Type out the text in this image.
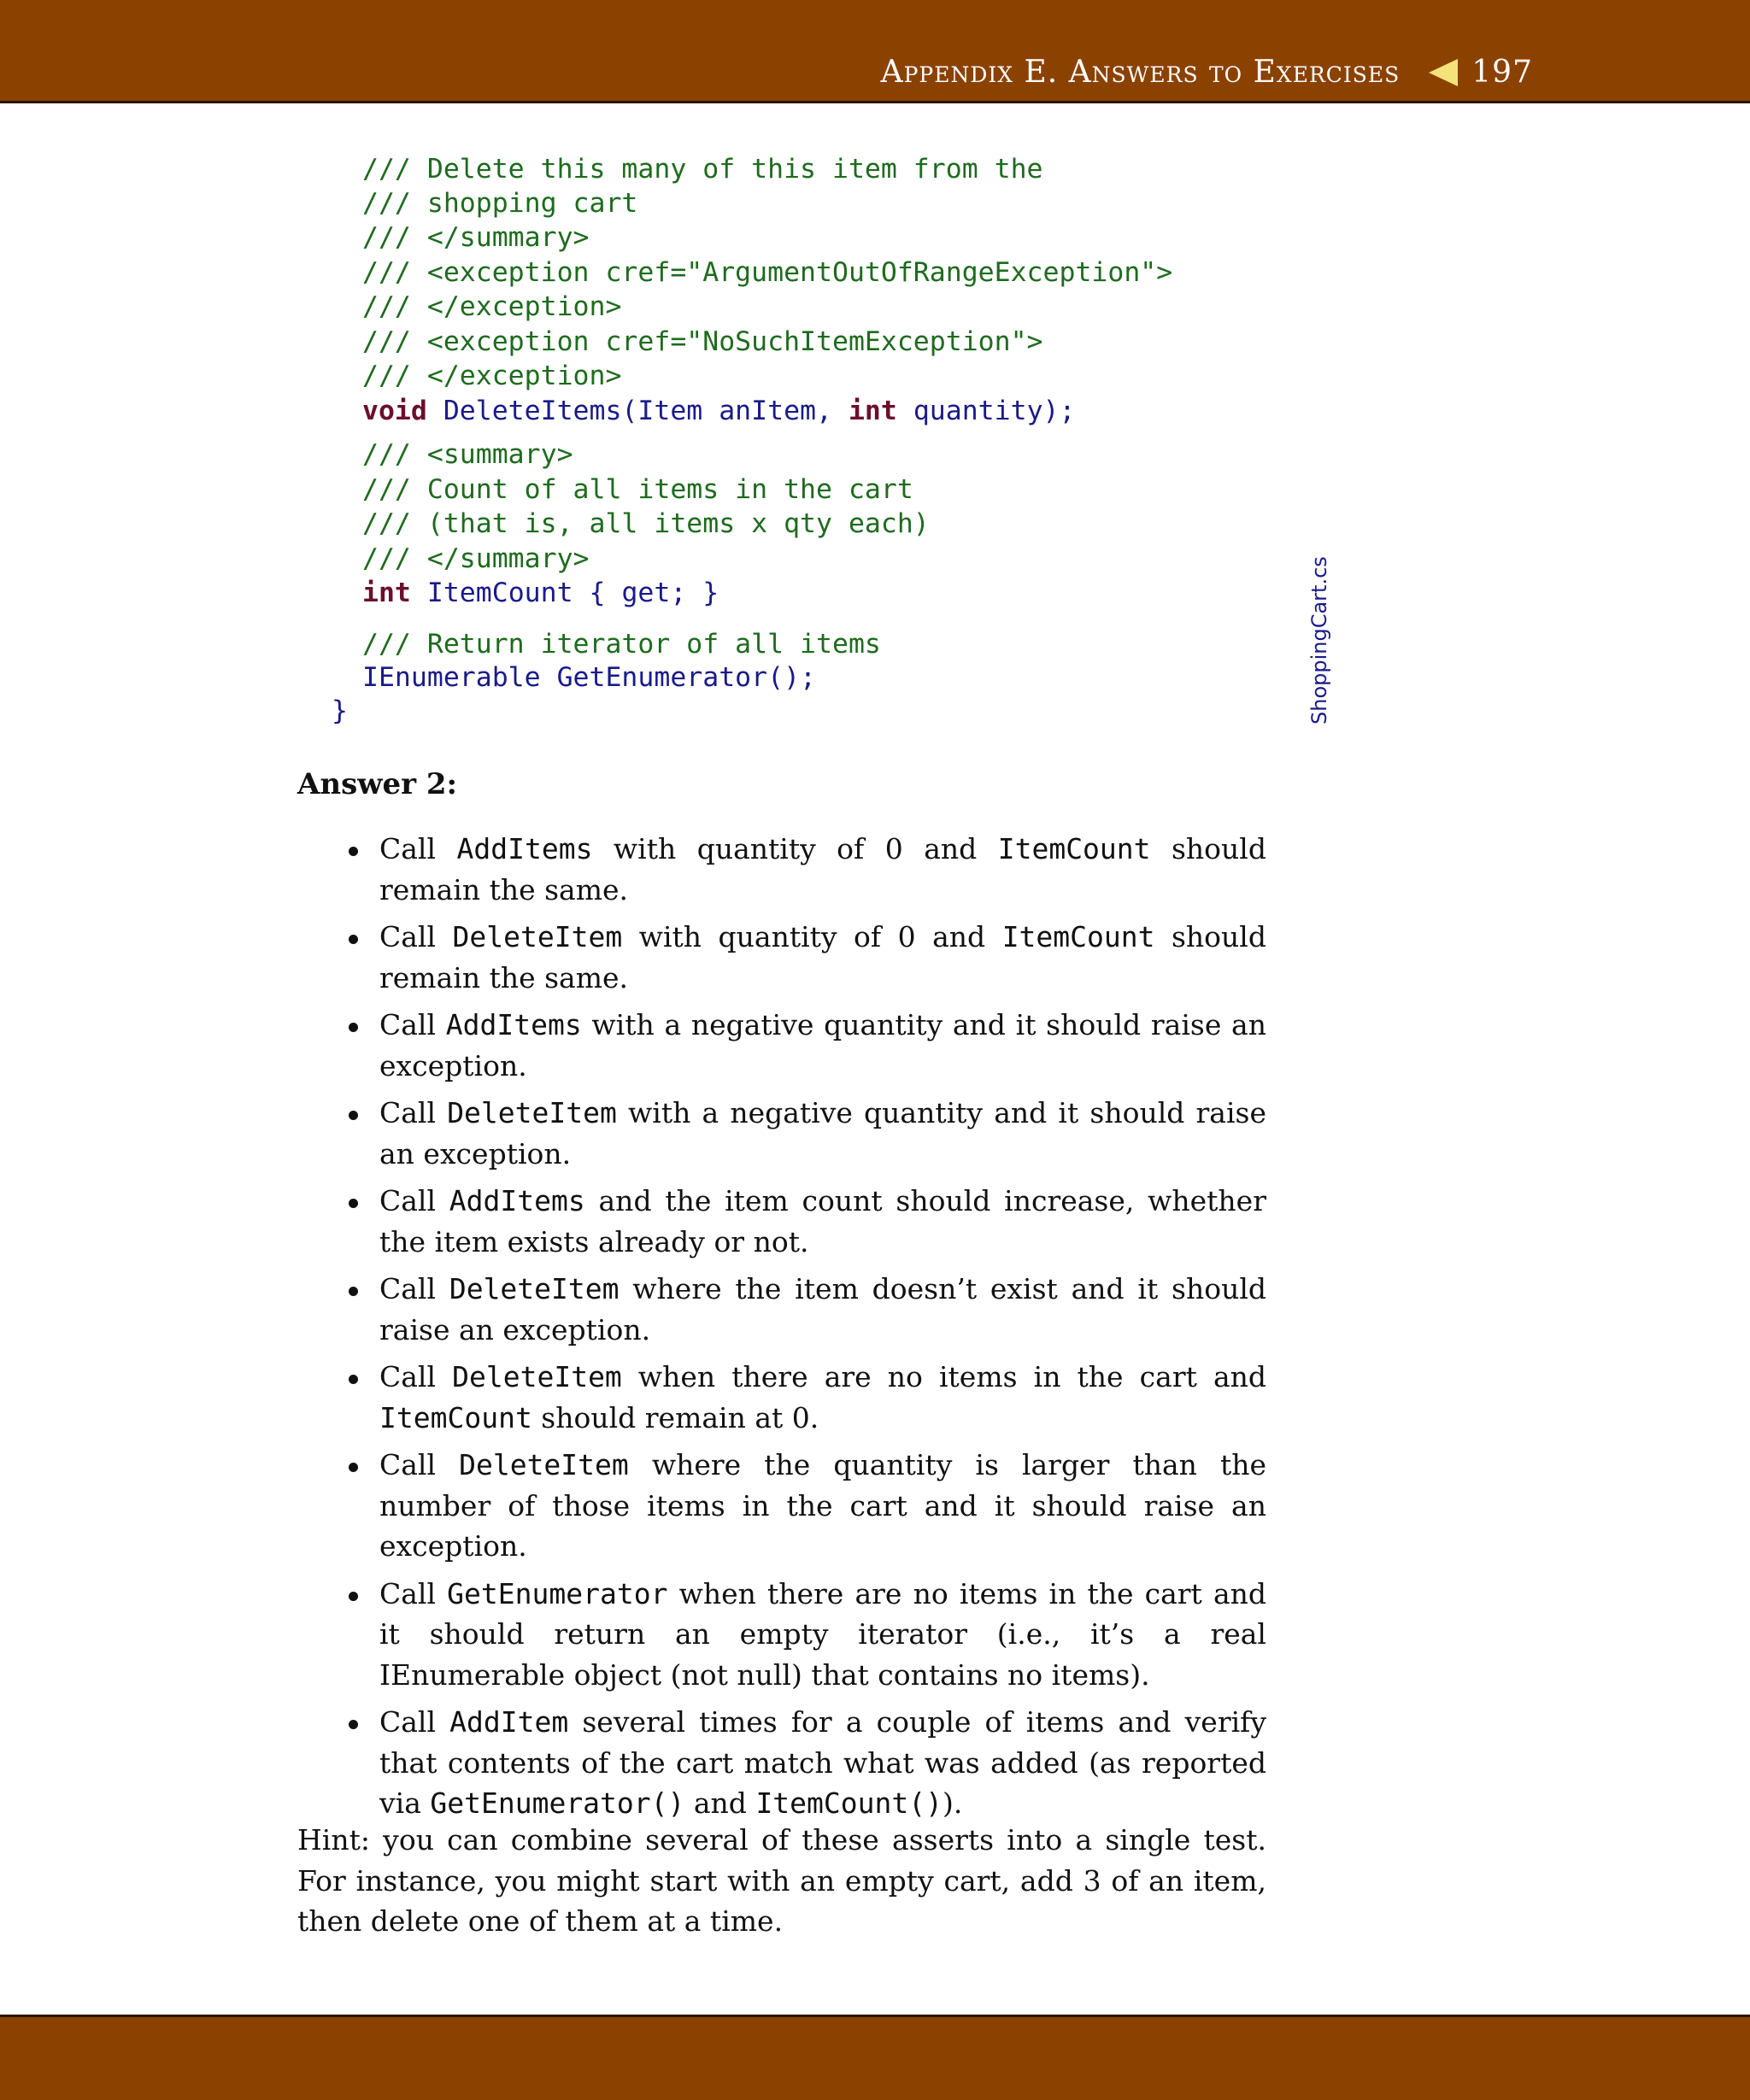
Appendix E. Answers to Exercises 197

/// Delete this many of this item from the

/// shopping cart

/// </summary>

/// <exception cref="ArgumentOutOfRangeException">

/// </exception>

/// <exception cref="NoSuchItemException">

/// </exception>

void DeleteItems(Item anItem, int quantity);

/// <summary>

/// Count of all items in the cart

/// (that is, all items x qty each)

/// </summary>

int ItemCount { get; }

/// Return iterator of all items

IEnumerable GetEnumerator();

}	ShoppingCart.cs
Answer 2:
Call AddItems with quantity of 0 and ItemCount should remain the same.
Call DeleteItem with quantity of 0 and ItemCount should remain the same.
Call AddItems with a negative quantity and it should raise an exception.
Call DeleteItem with a negative quantity and it should raise an exception.
Call AddItems and the item count should increase, whether the item exists already or not.
Call DeleteItem where the item doesn’t exist and it should raise an exception.
Call DeleteItem when there are no items in the cart and ItemCount should remain at 0.
Call DeleteItem where the quantity is larger than the number of those items in the cart and it should raise an exception.
Call GetEnumerator when there are no items in the cart and it should return an empty iterator (i.e., it’s a real IEnumerable object (not null) that contains no items).
Call AddItem several times for a couple of items and verify that contents of the cart match what was added (as reported via GetEnumerator() and ItemCount()).

Hint: you can combine several of these asserts into a single test. For instance, you might start with an empty cart, add 3 of an item, then delete one of them at a time.
